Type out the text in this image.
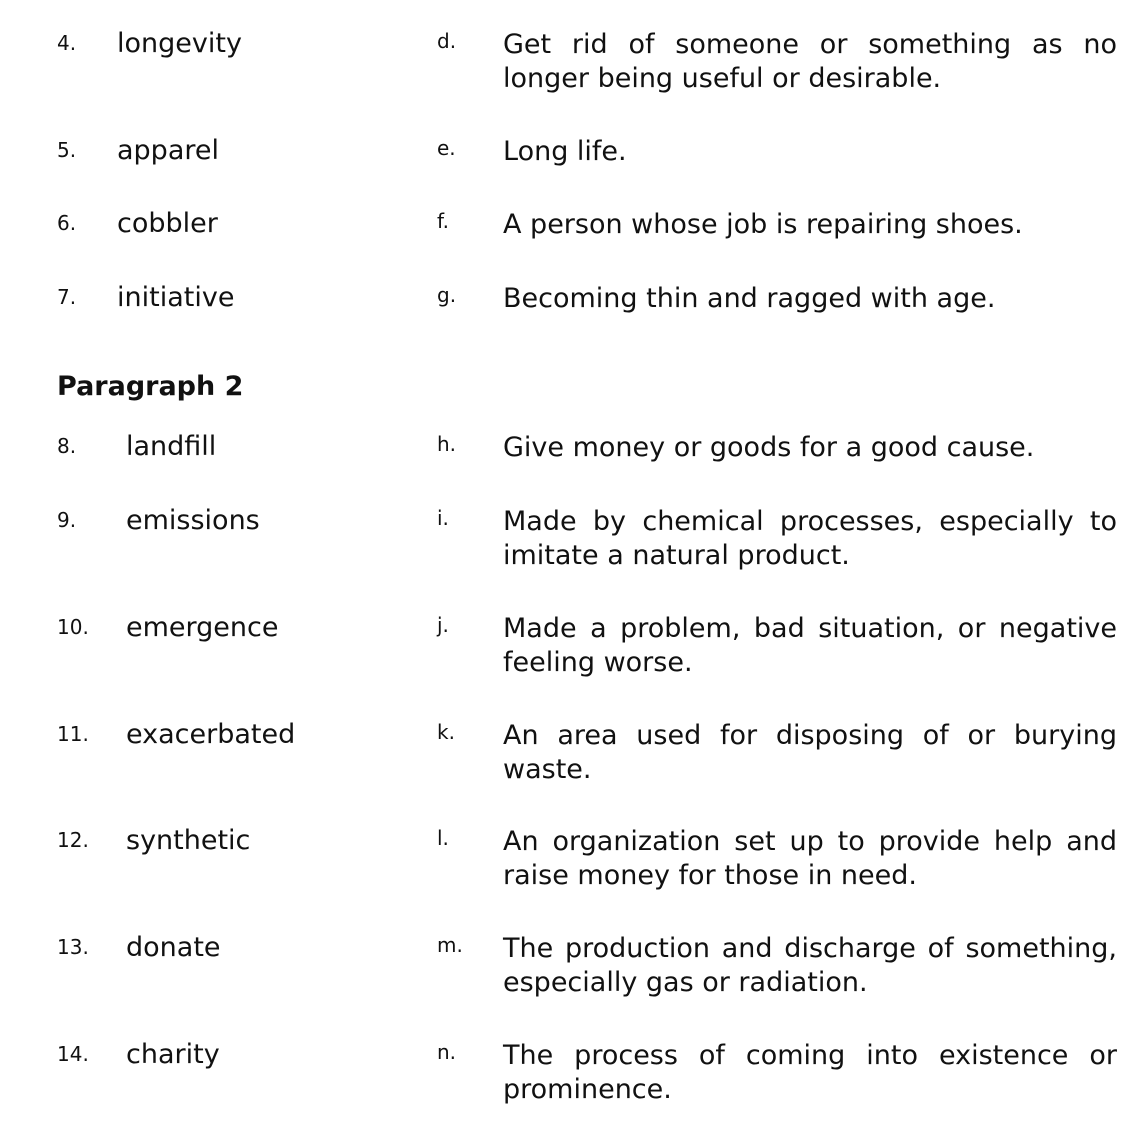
4. longevity	d. Get rid of someone or something as no longer being useful or desirable.
5. apparel	e. Long life.
6. cobbler	f. A person whose job is repairing shoes.
7. initiative	g. Becoming thin and ragged with age.
Paragraph 2
8. landfill	h. Give money or goods for a good cause.
9. emissions	i. Made by chemical processes, especially to imitate a natural product.
10. emergence	j. Made a problem, bad situation, or negative feeling worse.
11. exacerbated	k. An area used for disposing of or burying waste.
12. synthetic	l. An organization set up to provide help and raise money for those in need.
13. donate	m. The production and discharge of something, especially gas or radiation.
14. charity	n. The process of coming into existence or prominence.
